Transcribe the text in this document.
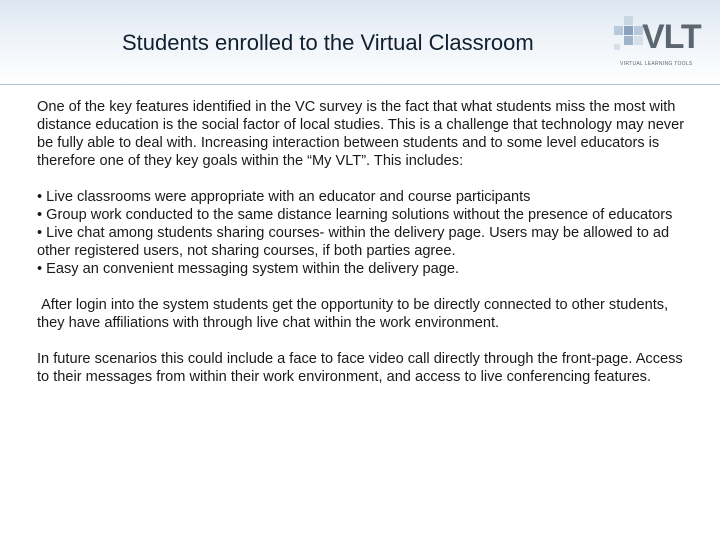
Students enrolled to the Virtual Classroom	VLT
VIRTUAL LEARNING TOOLS

One of the key features identified in the VC survey is the fact that what students miss the most with distance education is the social factor of local studies. This is a challenge that technology may never be fully able to deal with. Increasing interaction between students and to some level educators is therefore one of they key goals within the “My VLT”. This includes:

• Live classrooms were appropriate with an educator and course participants

• Group work conducted to the same distance learning solutions without the presence of educators

• Live chat among students sharing courses- within the delivery page. Users may be allowed to ad other registered users, not sharing courses, if both parties agree.

• Easy an convenient messaging system within the delivery page.

After login into the system students get the opportunity to be directly connected to other students, they have affiliations with through live chat within the work environment.

In future scenarios this could include a face to face video call directly through the front-page. Access to their messages from within their work environment, and access to live conferencing features.
